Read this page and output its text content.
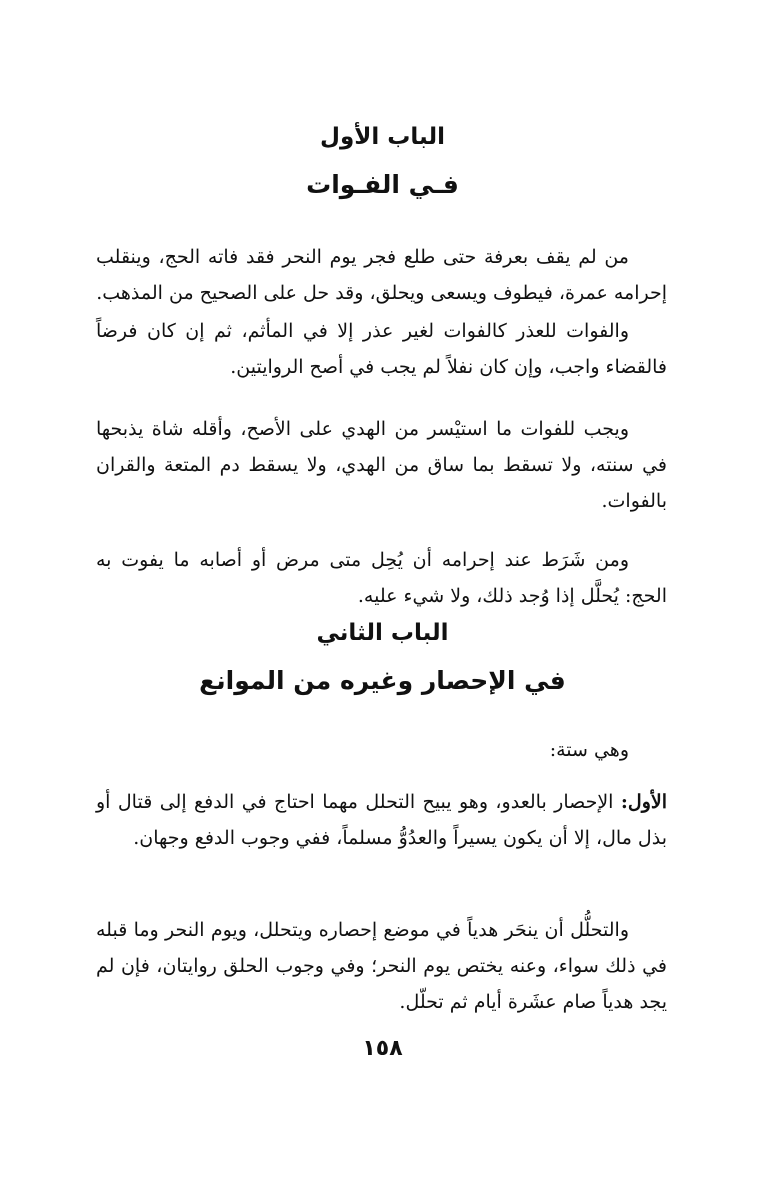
الباب الأول
فـي الفـوات

من لم يقف بعرفة حتى طلع فجر يوم النحر فقد فاته الحج، وينقلب إحرامه عمرة، فيطوف ويسعى ويحلق، وقد حل على الصحيح من المذهب.

والفوات للعذر كالفوات لغير عذر إلا في المأثم، ثم إن كان فرضاً فالقضاء واجب، وإن كان نفلاً لم يجب في أصح الروايتين.

ويجب للفوات ما استيْسر من الهدي على الأصح، وأقله شاة يذبحها في سنته، ولا تسقط بما ساق من الهدي، ولا يسقط دم المتعة والقران بالفوات.

ومن شَرَط عند إحرامه أن يُحِل متى مرض أو أصابه ما يفوت به الحج: يُحلَّل إذا وُجد ذلك، ولا شيء عليه.

الباب الثاني
في الإحصار وغيره من الموانع

وهي ستة:

الأول: الإحصار بالعدو، وهو يبيح التحلل مهما احتاج في الدفع إلى قتال أو بذل مال، إلا أن يكون يسيراً والعدُوُّ مسلماً، ففي وجوب الدفع وجهان.

والتحلُّل أن ينحَر هدياً في موضع إحصاره ويتحلل، ويوم النحر وما قبله في ذلك سواء، وعنه يختص يوم النحر؛ وفي وجوب الحلق روايتان، فإن لم يجد هدياً صام عشَرة أيام ثم تحلّل.

١٥٨
